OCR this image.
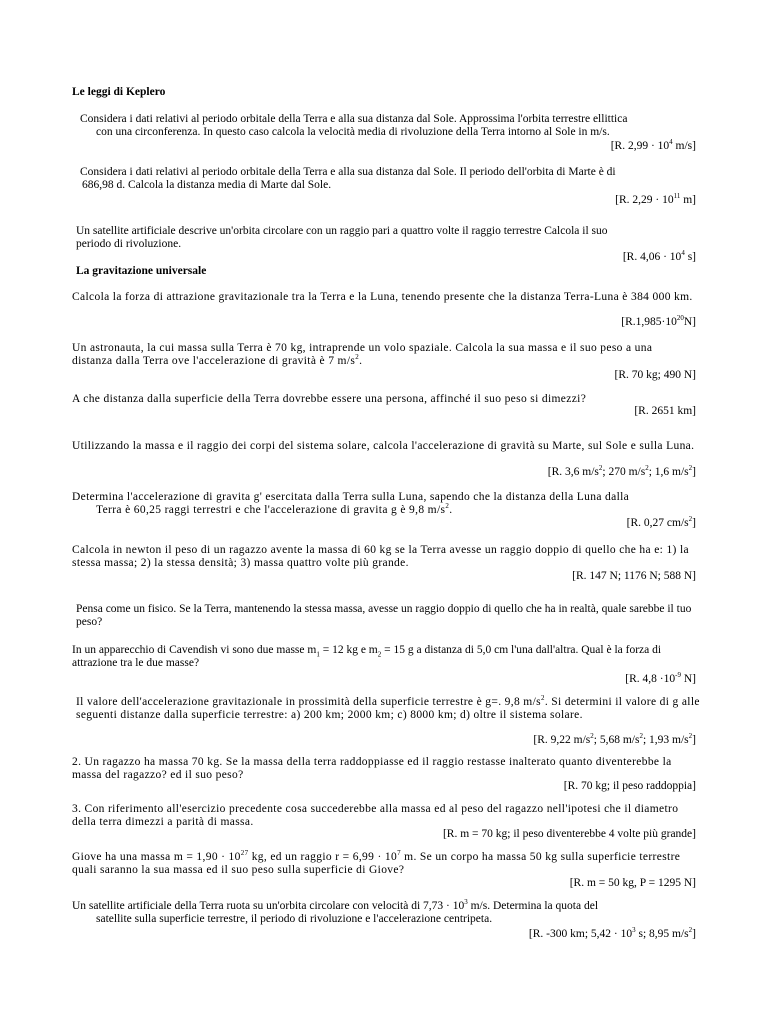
Le leggi di Keplero
Considera i dati relativi al periodo orbitale della Terra e alla sua distanza dal Sole. Approssima l'orbita terrestre ellittica
con una circonferenza. In questo caso calcola la velocità media di rivoluzione della Terra intorno al Sole in m/s.
[R. $2,99 \cdot 10^4$ m/s]
Considera i dati relativi al periodo orbitale della Terra e alla sua distanza dal Sole. Il periodo dell'orbita di Marte è di
686,98 d. Calcola la distanza media di Marte dal Sole.
[R. $2,29 \cdot 10^{11}$ m]
Un satellite artificiale descrive un'orbita circolare con un raggio pari a quattro volte il raggio terrestre Calcola il suo
periodo di rivoluzione.
[R. $4,06 \cdot 10^4$ s]
La gravitazione universale
Calcola la forza di attrazione gravitazionale tra la Terra e la Luna, tenendo presente che la distanza Terra-Luna è 384 000 km.
$[R.1,985\cdot 10^{20}N]$
Un astronauta, la cui massa sulla Terra è 70 kg, intraprende un volo spaziale. Calcola la sua massa e il suo peso a una distanza dalla Terra ove l'accelerazione di gravità è 7 $m/s^2$.
[R. 70 kg; 490 N]
A che distanza dalla superficie della Terra dovrebbe essere una persona, affinché il suo peso si dimezzi?
[R. 2651 km]
Utilizzando la massa e il raggio dei corpi del sistema solare, calcola l'accelerazione di gravità su Marte, sul Sole e sulla Luna.
[R. 3,6 $m/s^2$; 270 $m/s^2$; 1,6 $m/s^2$]
Determina l'accelerazione di gravita g' esercitata dalla Terra sulla Luna, sapendo che la distanza della Luna dalla
Terra è 60,25 raggi terrestri e che l'accelerazione di gravita g è 9,8 $m/s^2$.
[R. 0,27 $cm/s^2$]
Calcola in newton il peso di un ragazzo avente la massa di 60 kg se la Terra avesse un raggio doppio di quello che ha e: 1) la stessa massa; 2) la stessa densità; 3) massa quattro volte più grande.
[R. 147 N; 1176 N; 588 N]
Pensa come un fisico. Se la Terra, mantenendo la stessa massa, avesse un raggio doppio di quello che ha in realtà, quale sarebbe il tuo peso?
In un apparecchio di Cavendish vi sono due masse $m_1 = 12$ kg e $m_2 = 15$ g a distanza di 5,0 cm l'una dall'altra. Qual è la forza di attrazione tra le due masse?
[R. $4,8 \cdot 10^{-9}$ N]
Il valore dell'accelerazione gravitazionale in prossimità della superficie terrestre è g=. 9,8 $m/s^2$. Si determini il valore di g alle seguenti distanze dalla superficie terrestre: a) 200 km; 2000 km; c) 8000 km; d) oltre il sistema solare.
[R. 9,22 $m/s^2$; 5,68 $m/s^2$; 1,93 $m/s^2$]
2. Un ragazzo ha massa 70 kg. Se la massa della terra raddoppiasse ed il raggio restasse inalterato quanto diventerebbe la massa del ragazzo? ed il suo peso?
[R. 70 kg; il peso raddoppia]
3. Con riferimento all'esercizio precedente cosa succederebbe alla massa ed al peso del ragazzo nell'ipotesi che il diametro della terra dimezzi a parità di massa.
[R. m = 70 kg; il peso diventerebbe 4 volte più grande]
Giove ha una massa $m = 1,90 \cdot 10^{27}$ kg, ed un raggio $r = 6,99 \cdot 10^7$ m. Se un corpo ha massa 50 kg sulla superficie terrestre quali saranno la sua massa ed il suo peso sulla superficie di Giove?
[R. m = 50 kg, P = 1295 N]
Un satellite artificiale della Terra ruota su un'orbita circolare con velocità di $7,73 \cdot 10^3$ m/s. Determina la quota del
satellite sulla superficie terrestre, il periodo di rivoluzione e l'accelerazione centripeta.
[R. -300 km; $5,42 \cdot 10^3$ s; 8,95 $m/s^2$]
